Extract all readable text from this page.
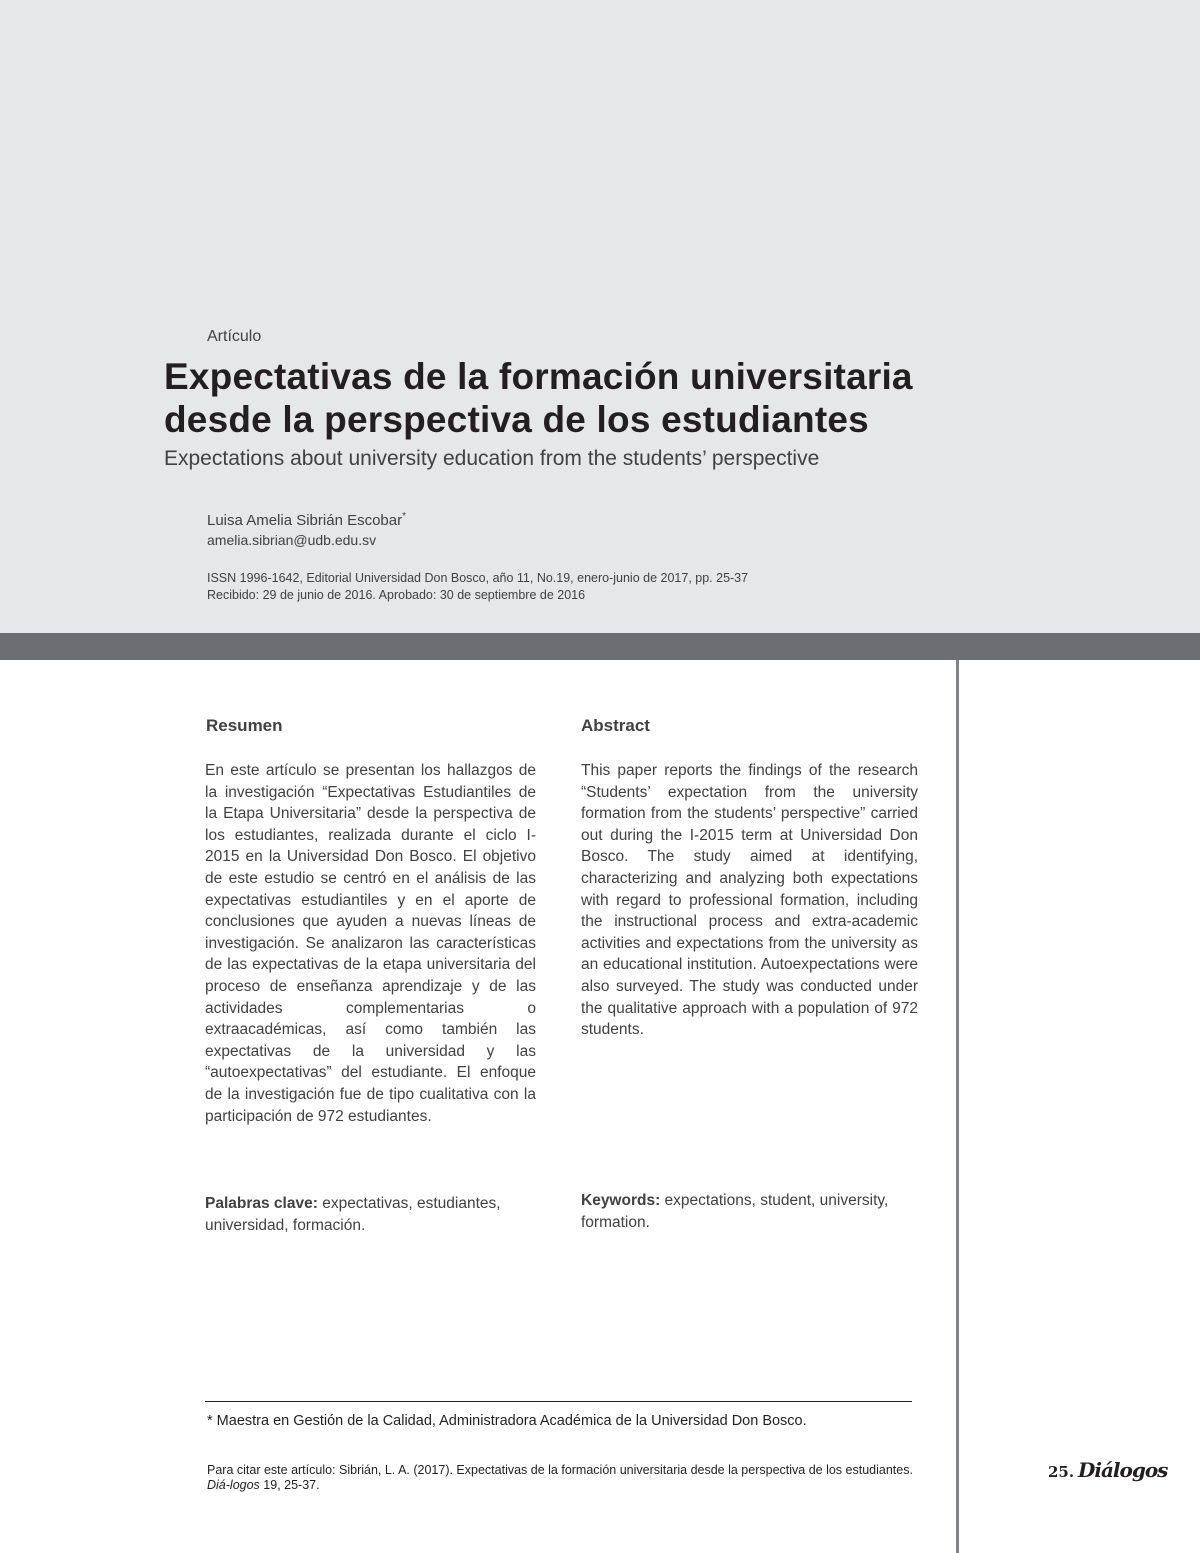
Artículo
Expectativas de la formación universitaria
desde la perspectiva de los estudiantes
Expectations about university education from the students’ perspective
Luisa Amelia Sibrián Escobar*
amelia.sibrian@udb.edu.sv
ISSN 1996-1642, Editorial Universidad Don Bosco, año 11, No.19, enero-junio de 2017, pp. 25-37
Recibido: 29 de junio de 2016. Aprobado: 30 de septiembre de 2016
Resumen

En este artículo se presentan los hallazgos de la investigación “Expectativas Estudiantiles de la Etapa Universitaria” desde la perspectiva de los estudiantes, realizada durante el ciclo I-2015 en la Universidad Don Bosco. El objetivo de este estudio se centró en el análisis de las expectativas estudiantiles y en el aporte de conclusiones que ayuden a nuevas líneas de investigación. Se analizaron las características de las expectativas de la etapa universitaria del proceso de enseñanza aprendizaje y de las actividades complementarias o extraacadémicas, así como también las expectativas de la universidad y las “autoexpectativas” del estudiante. El enfoque de la investigación fue de tipo cualitativa con la participación de 972 estudiantes.

Palabras clave: expectativas, estudiantes, universidad, formación.

Abstract

This paper reports the findings of the research “Students’ expectation from the university formation from the students’ perspective” carried out during the I-2015 term at Universidad Don Bosco. The study aimed at identifying, characterizing and analyzing both expectations with regard to professional formation, including the instructional process and extra-academic activities and expectations from the university as an educational institution. Autoexpectations were also surveyed. The study was conducted under the qualitative approach with a population of 972 students.

Keywords: expectations, student, university, formation.

* Maestra en Gestión de la Calidad, Administradora Académica de la Universidad Don Bosco.

Para citar este artículo: Sibrián, L. A. (2017). Expectativas de la formación universitaria desde la perspectiva de los estudiantes. Diá-logos 19, 25-37.

25. Diálogos
